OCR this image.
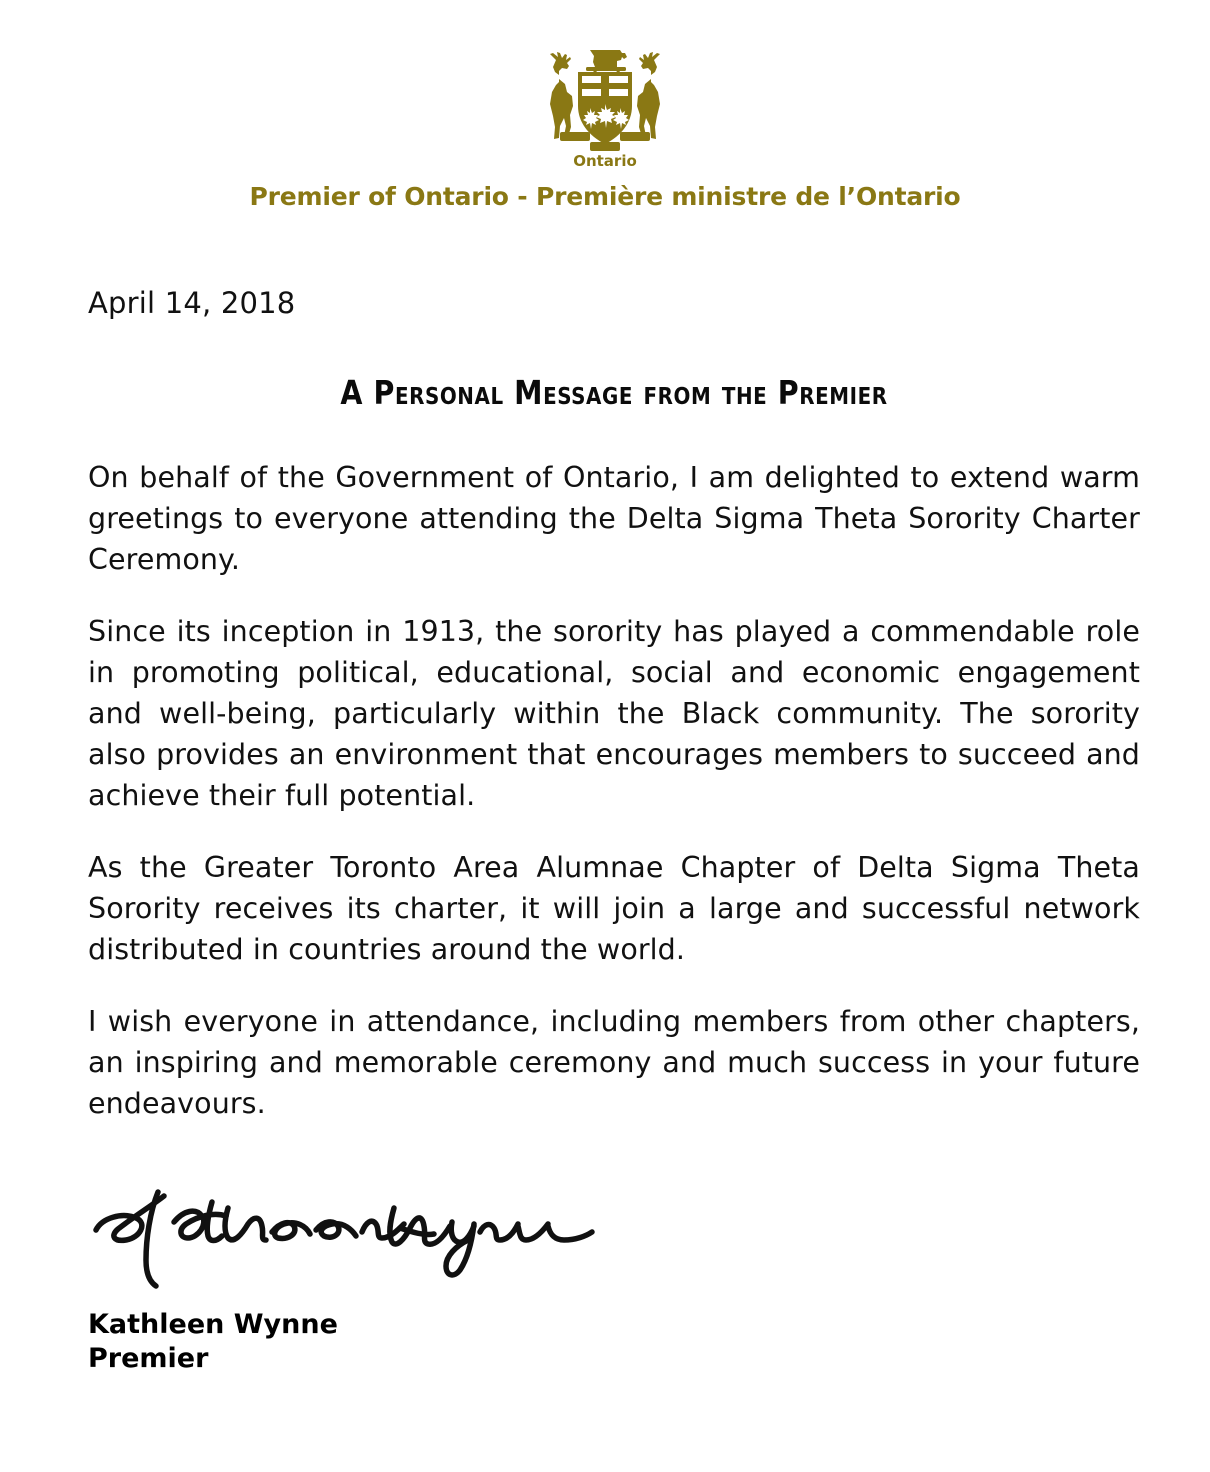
Ontario
Premier of Ontario - Première ministre de l’Ontario
April 14, 2018
A Personal Message from the Premier

On behalf of the Government of Ontario, I am delighted to extend warm greetings to everyone attending the Delta Sigma Theta Sorority Charter Ceremony.

Since its inception in 1913, the sorority has played a commendable role in promoting political, educational, social and economic engagement and well-being, particularly within the Black community. The sorority also provides an environment that encourages members to succeed and achieve their full potential.

As the Greater Toronto Area Alumnae Chapter of Delta Sigma Theta Sorority receives its charter, it will join a large and successful network distributed in countries around the world.

I wish everyone in attendance, including members from other chapters, an inspiring and memorable ceremony and much success in your future endeavours.

Kathleen Wynne
Premier
